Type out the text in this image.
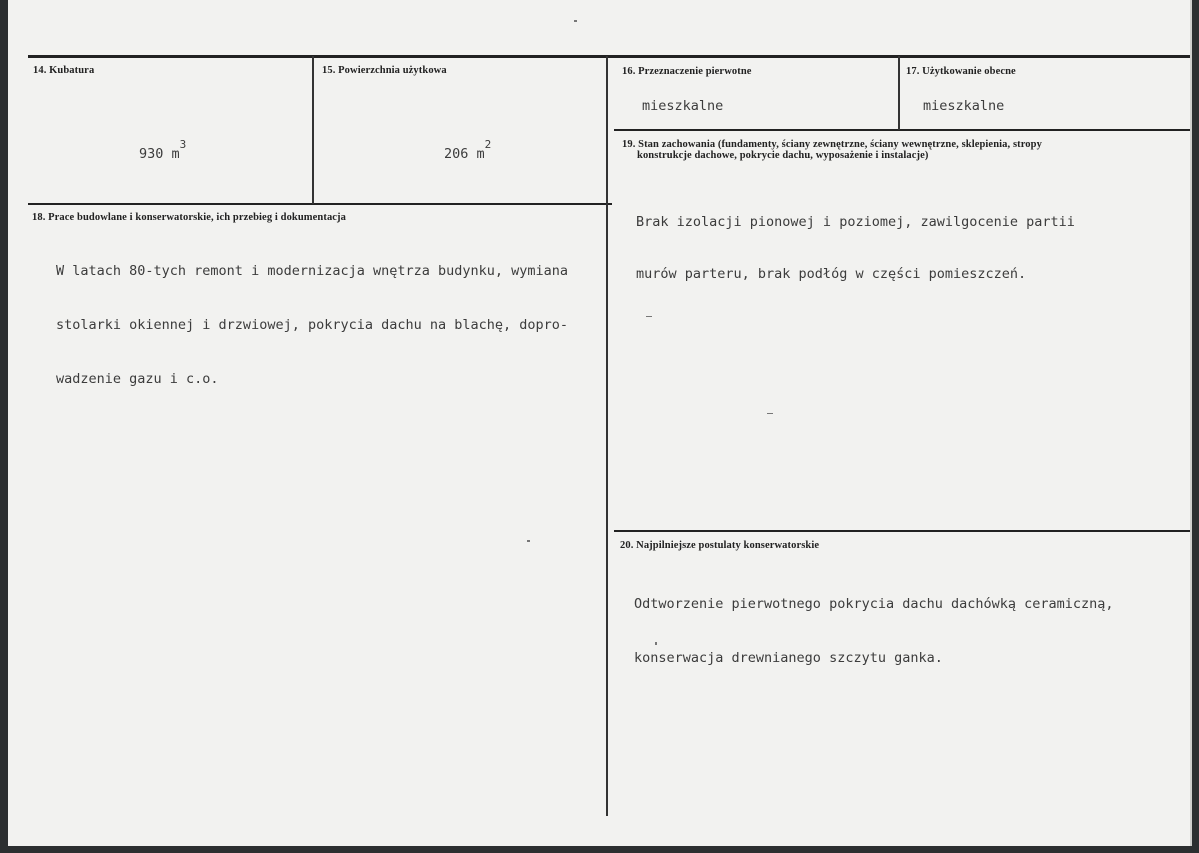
14. Kubatura

930 $m^3$

15. Powierzchnia użytkowa

206 $m^2$

16. Przeznaczenie pierwotne
mieszkalne
17. Użytkowanie obecne
mieszkalne
18. Prace budowlane i konserwatorskie, ich przebieg i dokumentacja

W latach 80-tych remont i modernizacja wnętrza budynku, wymiana

stolarki okiennej i drzwiowej, pokrycia dachu na blachę, dopro-

wadzenie gazu i c.o.

19. Stan zachowania (fundamenty, ściany zewnętrzne, ściany wewnętrzne, sklepienia, stropy
konstrukcje dachowe, pokrycie dachu, wyposażenie i instalacje)

Brak izolacji pionowej i poziomej, zawilgocenie partii

murów parteru, brak podłóg w części pomieszczeń.

20. Najpilniejsze postulaty konserwatorskie

Odtworzenie pierwotnego pokrycia dachu dachówką ceramiczną,

konserwacja drewnianego szczytu ganka.
